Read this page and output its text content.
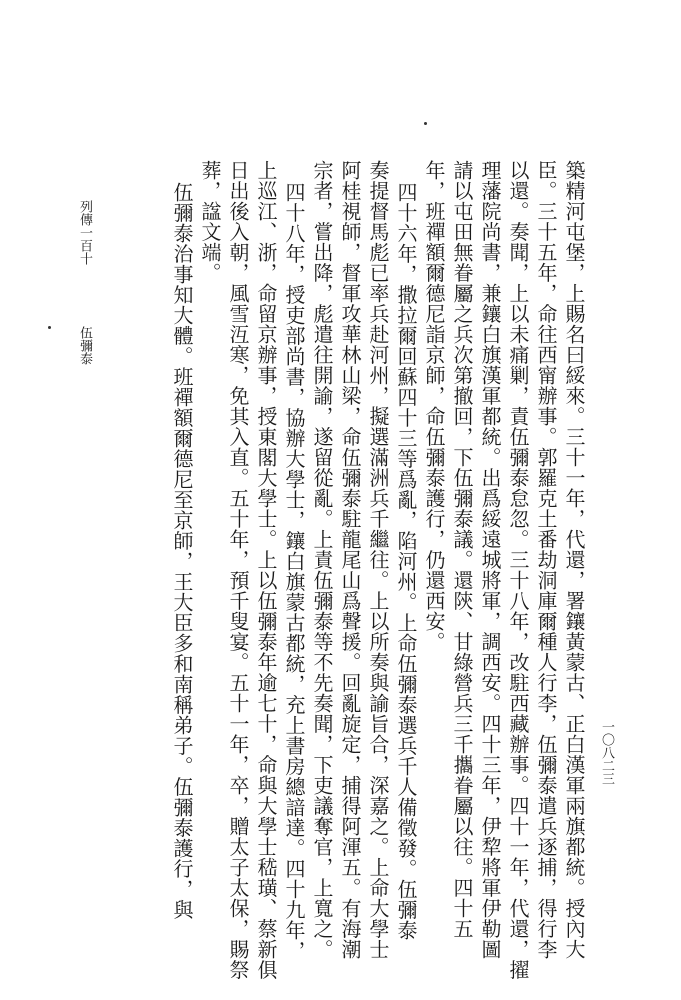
一〇八二三
築精河屯堡，上賜名曰綏來。三十一年，代還，署鑲黃蒙古、正白漢軍兩旗都統。授內大
臣。三十五年，命往西甯辦事。郭羅克土番劫洞庫爾種人行李，伍彌泰遣兵逐捕，得行李
以還。奏聞，上以未痛剿，責伍彌泰怠忽。三十八年，改駐西藏辦事。四十一年，代還，擢
理藩院尚書，兼鑲白旗漢軍都統。出爲綏遠城將軍，調西安。四十三年，伊犂將軍伊勒圖
請以屯田無眷屬之兵次第撤回，下伍彌泰議。還陝、甘綠營兵三千攜眷屬以往。四十五
年，班禪額爾德尼詣京師，命伍彌泰護行，仍還西安。
四十六年，撒拉爾回蘇四十三等爲亂，陷河州。上命伍彌泰選兵千人備徵發。伍彌泰
奏提督馬彪已率兵赴河州，擬選滿洲兵千繼往。上以所奏與諭旨合，深嘉之。上命大學士
阿桂視師，督軍攻華林山梁，命伍彌泰駐龍尾山爲聲援。回亂旋定，捕得阿渾五。有海潮
宗者，嘗出降，彪遣往開諭，遂留從亂。上責伍彌泰等不先奏聞，下吏議奪官，上寬之。
四十八年，授吏部尚書，協辦大學士，鑲白旗蒙古都統，充上書房總諳達。四十九年，
上巡江、浙，命留京辦事，授東閣大學士。上以伍彌泰年逾七十，命與大學士嵇璜、蔡新俱
日出後入朝，風雪沍寒，免其入直。五十年，預千叟宴。五十一年，卒，贈太子太保，賜祭
葬，諡文端。
伍彌泰治事知大體。班禪額爾德尼至京師，王大臣多和南稱弟子。伍彌泰護行，與
列傳一百十
伍彌泰
